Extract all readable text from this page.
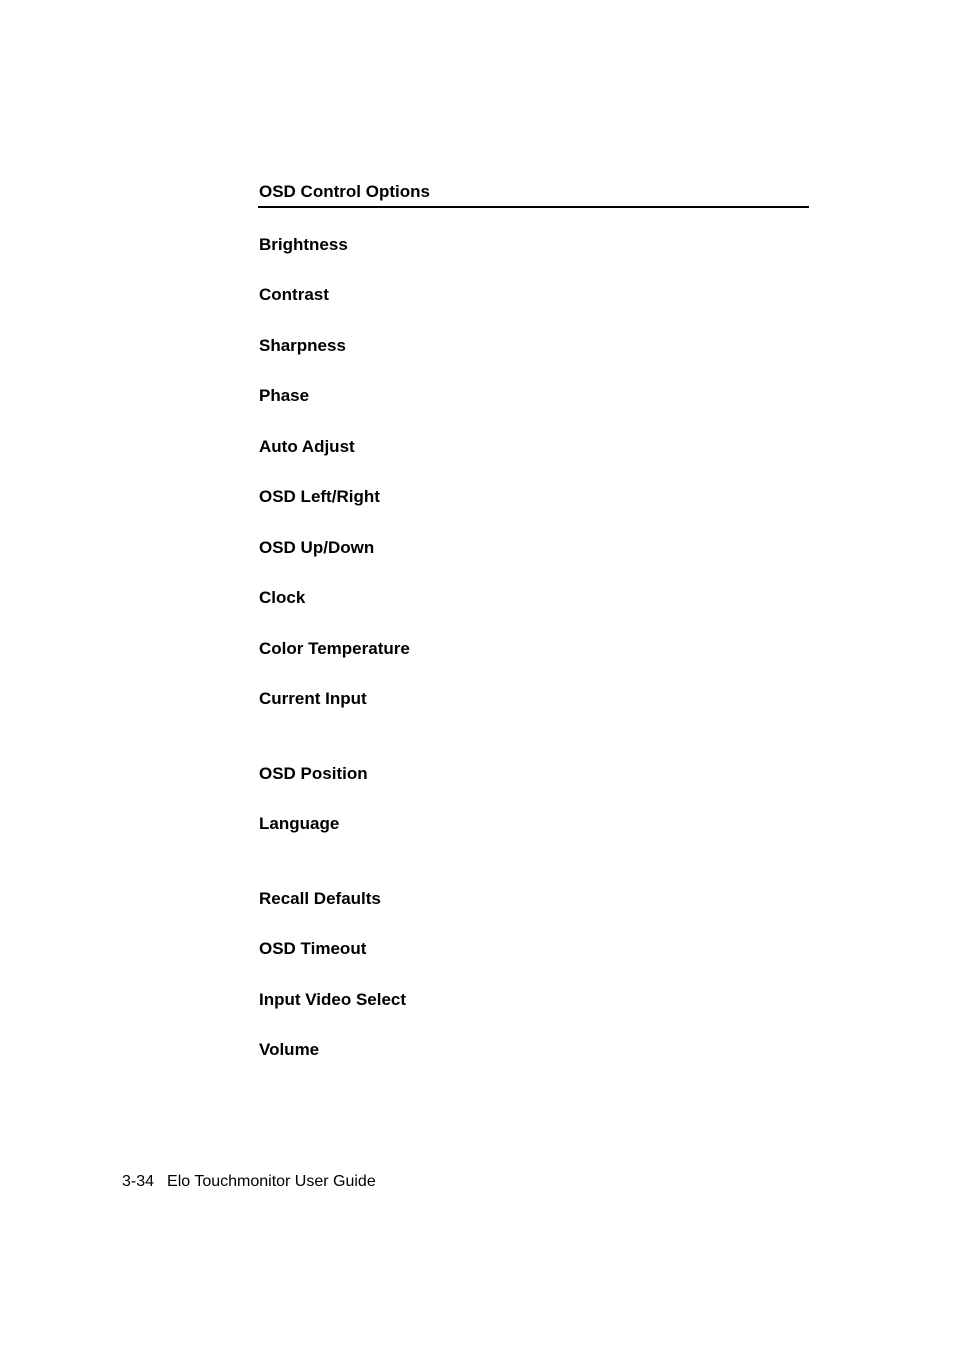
OSD Control Options
Brightness
Contrast
Sharpness
Phase
Auto Adjust
OSD Left/Right
OSD Up/Down
Clock
Color Temperature
Current Input
OSD Position
Language
Recall Defaults
OSD Timeout
Input Video Select
Volume
3-34 Elo Touchmonitor User Guide
